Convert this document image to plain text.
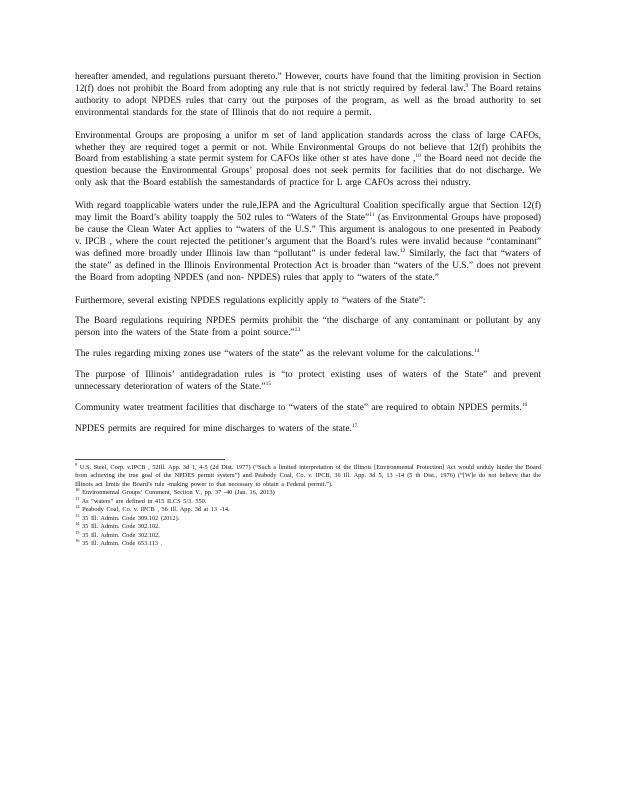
hereafter amended, and regulations pursuant thereto.” However, courts have found that the limiting provision in Section 12(f) does not prohibit the Board from adopting any rule that is not strictly required by federal law.$^9$ The Board retains authority to adopt NPDES rules that carry out the purposes of the program, as well as the broad authority to set environmental standards for the state of Illinois that do not require a permit.

Environmental Groups are proposing a unifor m set of land application standards across the class of large CAFOs, whether they are required toget a permit or not. While Environmental Groups do not believe that 12(f) prohibits the Board from establishing a state permit system for CAFOs like other st ates have done ,$^{10}$ the Board need not decide the question because the Environmental Groups’ proposal does not seek permits for facilities that do not discharge. We only ask that the Board establish the samestandards of practice for L arge CAFOs across thei ndustry.

With regard toapplicable waters under the rule,IEPA and the Agricultural Coalition specifically argue that Section 12(f) may limit the Board’s ability toapply the 502 rules to “Waters of the State”$^{11}$ (as Environmental Groups have proposed) be cause the Clean Water Act applies to “waters of the U.S.” This argument is analogous to one presented in Peabody v. IPCB , where the court rejected the petitioner’s argument that the Board’s rules were invalid because “contaminant” was defined more broadly under Illinois law than “pollutant” is under federal law.$^{12}$ Similarly, the fact that “waters of the state” as defined in the Illinois Environmental Protection Act is broader than “waters of the U.S.” does not prevent the Board from adopting NPDES (and non- NPDES) rules that apply to “waters of the state.”

Furthermore, several existing NPDES regulations explicitly apply to “waters of the State”:

The Board regulations requiring NPDES permits prohibit the “the discharge of any contaminant or pollutant by any person into the waters of the State from a point source.”$^{13}$

The rules regarding mixing zones use “waters of the state” as the relevant volume for the calculations.$^{14}$

The purpose of Illinois’ antidegradation rules is “to protect existing uses of waters of the State” and prevent unnecessary deterioration of waters of the State.”$^{15}$

Community water treatment facilities that discharge to “waters of the state” are required to obtain NPDES permits.$^{16}$

NPDES permits are required for mine discharges to waters of the state.$^{17}$

$^9$ U.S. Steel, Corp. v.IPCB , 52Ill. App. 3d 1, 4-5 (2d Dist. 1977) (“Such a limited interpretation of the Illinois [Environmental Protection] Act would unduly hinder the Board from achieving the true goal of the NPDES permit system”) and Peabody Coal, Co. v. IPCB, 36 Ill. App. 3d 5, 13 -14 (5 th Dist., 1976) (“[W]e do not believe that the Illinois act limits the Board’s rule -making power to that necessary to obtain a Federal permit.”).

$^{10}$ Environmental Groups’ Comment, Section V., pp. 37 -40 (Jan. 16, 2013)

$^{11}$ As “waters” are defined in 415 ILCS 5/3. 550.

$^{12}$ Peabody Coal, Co. v. IPCB , 36 Ill. App. 3d at 13 -14.

$^{13}$ 35 Ill. Admin. Code 309.102 (2012).

$^{14}$ 35 Ill. Admin. Code 302.102.

$^{15}$ 35 Ill. Admin. Code 302.102.

$^{16}$ 35 Ill. Admin. Code 653.113 .
